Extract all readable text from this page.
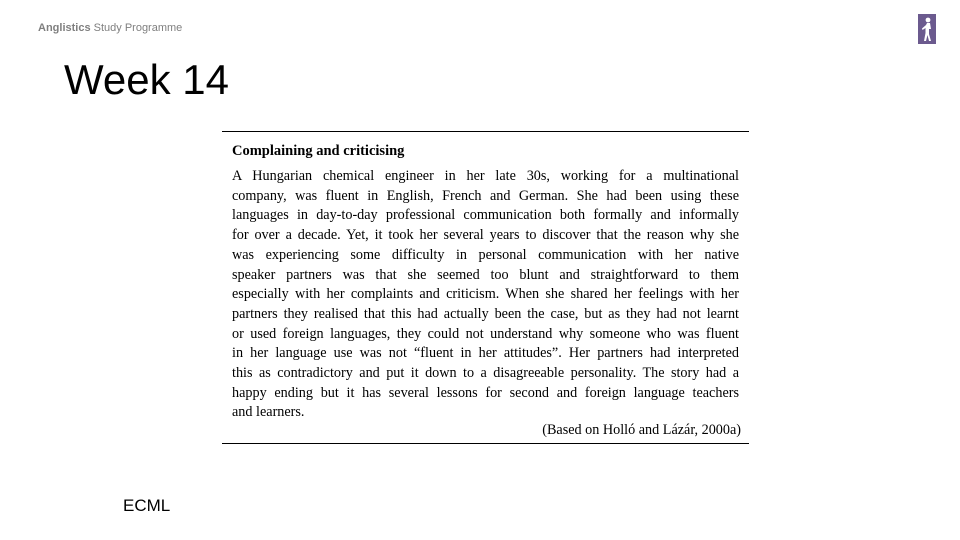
Anglistics Study Programme
Week 14
Complaining and criticising
A Hungarian chemical engineer in her late 30s, working for a multinational
company, was fluent in English, French and German. She had been using these
languages in day-to-day professional communication both formally and informally
for over a decade. Yet, it took her several years to discover that the reason why she
was experiencing some difficulty in personal communication with her native
speaker partners was that she seemed too blunt and straightforward to them
especially with her complaints and criticism. When she shared her feelings with her
partners they realised that this had actually been the case, but as they had not learnt
or used foreign languages, they could not understand why someone who was fluent
in her language use was not “fluent in her attitudes”. Her partners had interpreted
this as contradictory and put it down to a disagreeable personality. The story had a
happy ending but it has several lessons for second and foreign language teachers
and learners.
(Based on Holló and Lázár, 2000a)
ECML
